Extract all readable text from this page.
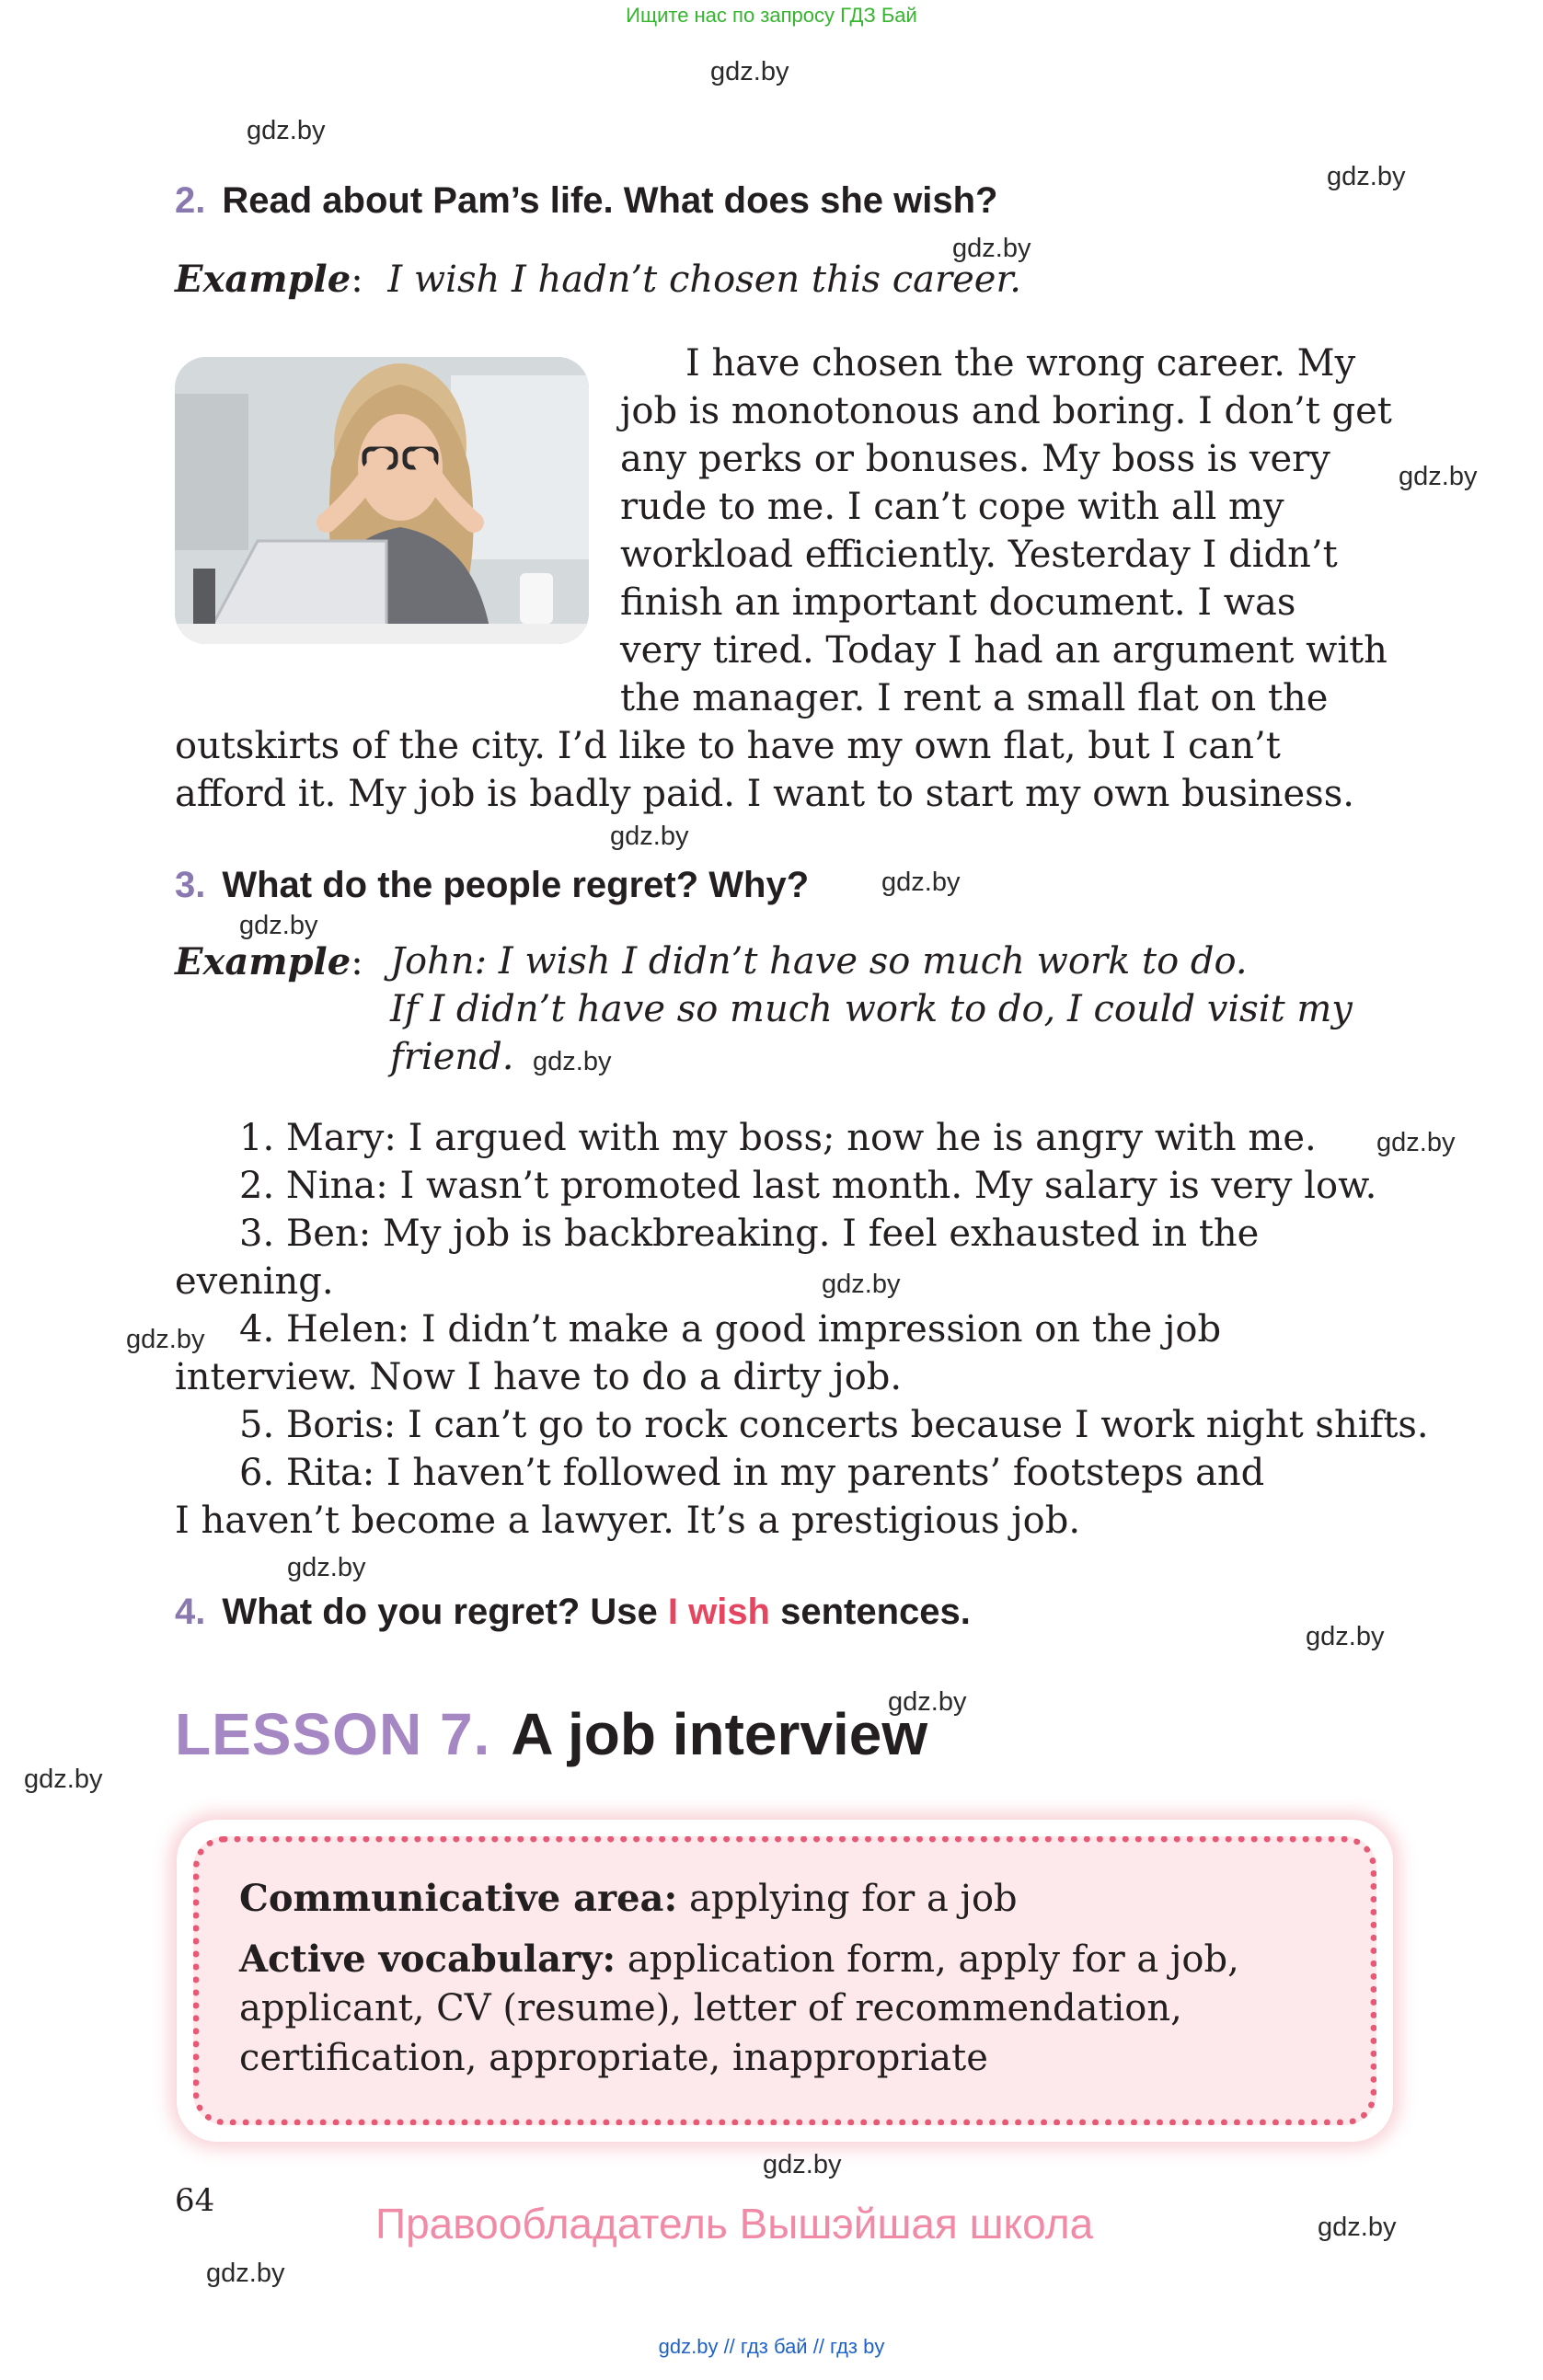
Ищите нас по запросу ГДЗ Бай
gdz.by
gdz.by
gdz.by
gdz.by
gdz.by
gdz.by
gdz.by
gdz.by
gdz.by
gdz.by
gdz.by
gdz.by
gdz.by
gdz.by
gdz.by
gdz.by
gdz.by
gdz.by
gdz.by
2. Read about Pam’s life. What does she wish?
Example: I wish I hadn’t chosen this career.
I have chosen the wrong career. My
job is monotonous and boring. I don’t get
any perks or bonuses. My boss is very
rude to me. I can’t cope with all my
workload efficiently. Yesterday I didn’t
finish an important document. I was
very tired. Today I had an argument with
the manager. I rent a small flat on the
outskirts of the city. I’d like to have my own flat, but I can’t
afford it. My job is badly paid. I want to start my own business.
3. What do the people regret? Why?
Example: John: I wish I didn’t have so much work to do.
If I didn’t have so much work to do, I could visit my
friend.
1. Mary: I argued with my boss; now he is angry with me.
2. Nina: I wasn’t promoted last month. My salary is very low.
3. Ben: My job is backbreaking. I feel exhausted in the
evening.
4. Helen: I didn’t make a good impression on the job
interview. Now I have to do a dirty job.
5. Boris: I can’t go to rock concerts because I work night shifts.
6. Rita: I haven’t followed in my parents’ footsteps and
I haven’t become a lawyer. It’s a prestigious job.
4. What do you regret? Use I wish sentences.
LESSON 7. A job interview
Communicative area: applying for a job
Active vocabulary: application form, apply for a job,
applicant, CV (resume), letter of recommendation,
certification, appropriate, inappropriate
64	Правообладатель Вышэйшая школа
gdz.by // гдз бай // гдз by
